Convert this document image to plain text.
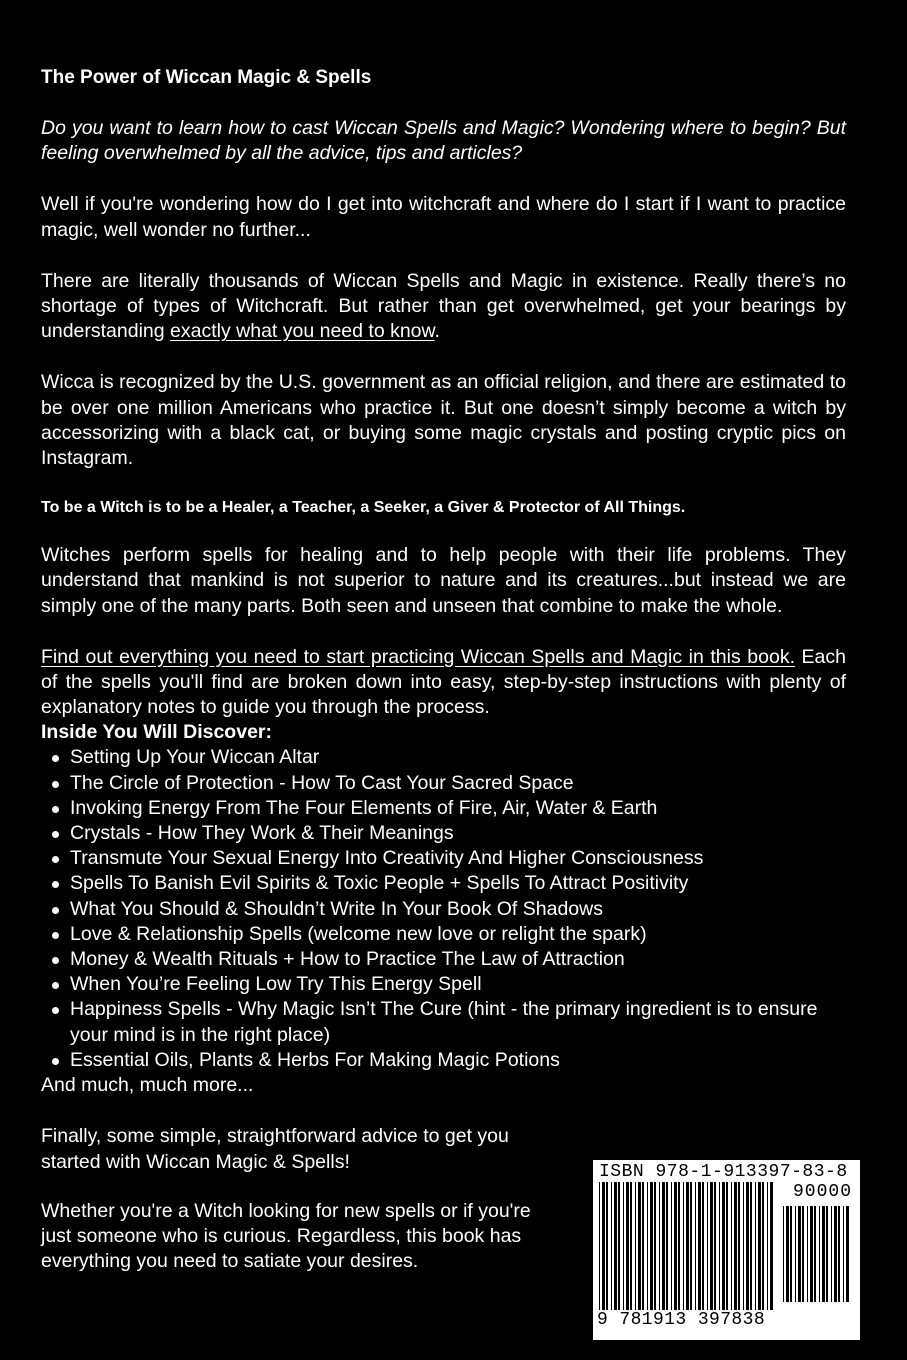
The Power of Wiccan Magic & Spells

Do you want to learn how to cast Wiccan Spells and Magic? Wondering where to begin? But feeling overwhelmed by all the advice, tips and articles?

Well if you're wondering how do I get into witchcraft and where do I start if I want to practice magic, well wonder no further...

There are literally thousands of Wiccan Spells and Magic in existence. Really there’s no shortage of types of Witchcraft. But rather than get overwhelmed, get your bearings by understanding exactly what you need to know.

Wicca is recognized by the U.S. government as an official religion, and there are estimated to be over one million Americans who practice it. But one doesn’t simply become a witch by accessorizing with a black cat, or buying some magic crystals and posting cryptic pics on Instagram.

To be a Witch is to be a Healer, a Teacher, a Seeker, a Giver & Protector of All Things.

Witches perform spells for healing and to help people with their life problems. They understand that mankind is not superior to nature and its creatures...but instead we are simply one of the many parts. Both seen and unseen that combine to make the whole.

Find out everything you need to start practicing Wiccan Spells and Magic in this book. Each of the spells you'll find are broken down into easy, step-by-step instructions with plenty of explanatory notes to guide you through the process.

Inside You Will Discover:

Setting Up Your Wiccan Altar
The Circle of Protection - How To Cast Your Sacred Space
Invoking Energy From The Four Elements of Fire, Air, Water & Earth
Crystals - How They Work & Their Meanings
Transmute Your Sexual Energy Into Creativity And Higher Consciousness
Spells To Banish Evil Spirits & Toxic People + Spells To Attract Positivity
What You Should & Shouldn’t Write In Your Book Of Shadows
Love & Relationship Spells (welcome new love or relight the spark)
Money & Wealth Rituals + How to Practice The Law of Attraction
When You’re Feeling Low Try This Energy Spell
Happiness Spells - Why Magic Isn’t The Cure (hint - the primary ingredient is to ensure your mind is in the right place)
Essential Oils, Plants & Herbs For Making Magic Potions

And much, much more...

Finally, some simple, straightforward advice to get you started with Wiccan Magic & Spells!

Whether you're a Witch looking for new spells or if you're just someone who is curious. Regardless, this book has everything you need to satiate your desires.

ISBN 978-1-913397-83-8
90000
9 781913 397838
